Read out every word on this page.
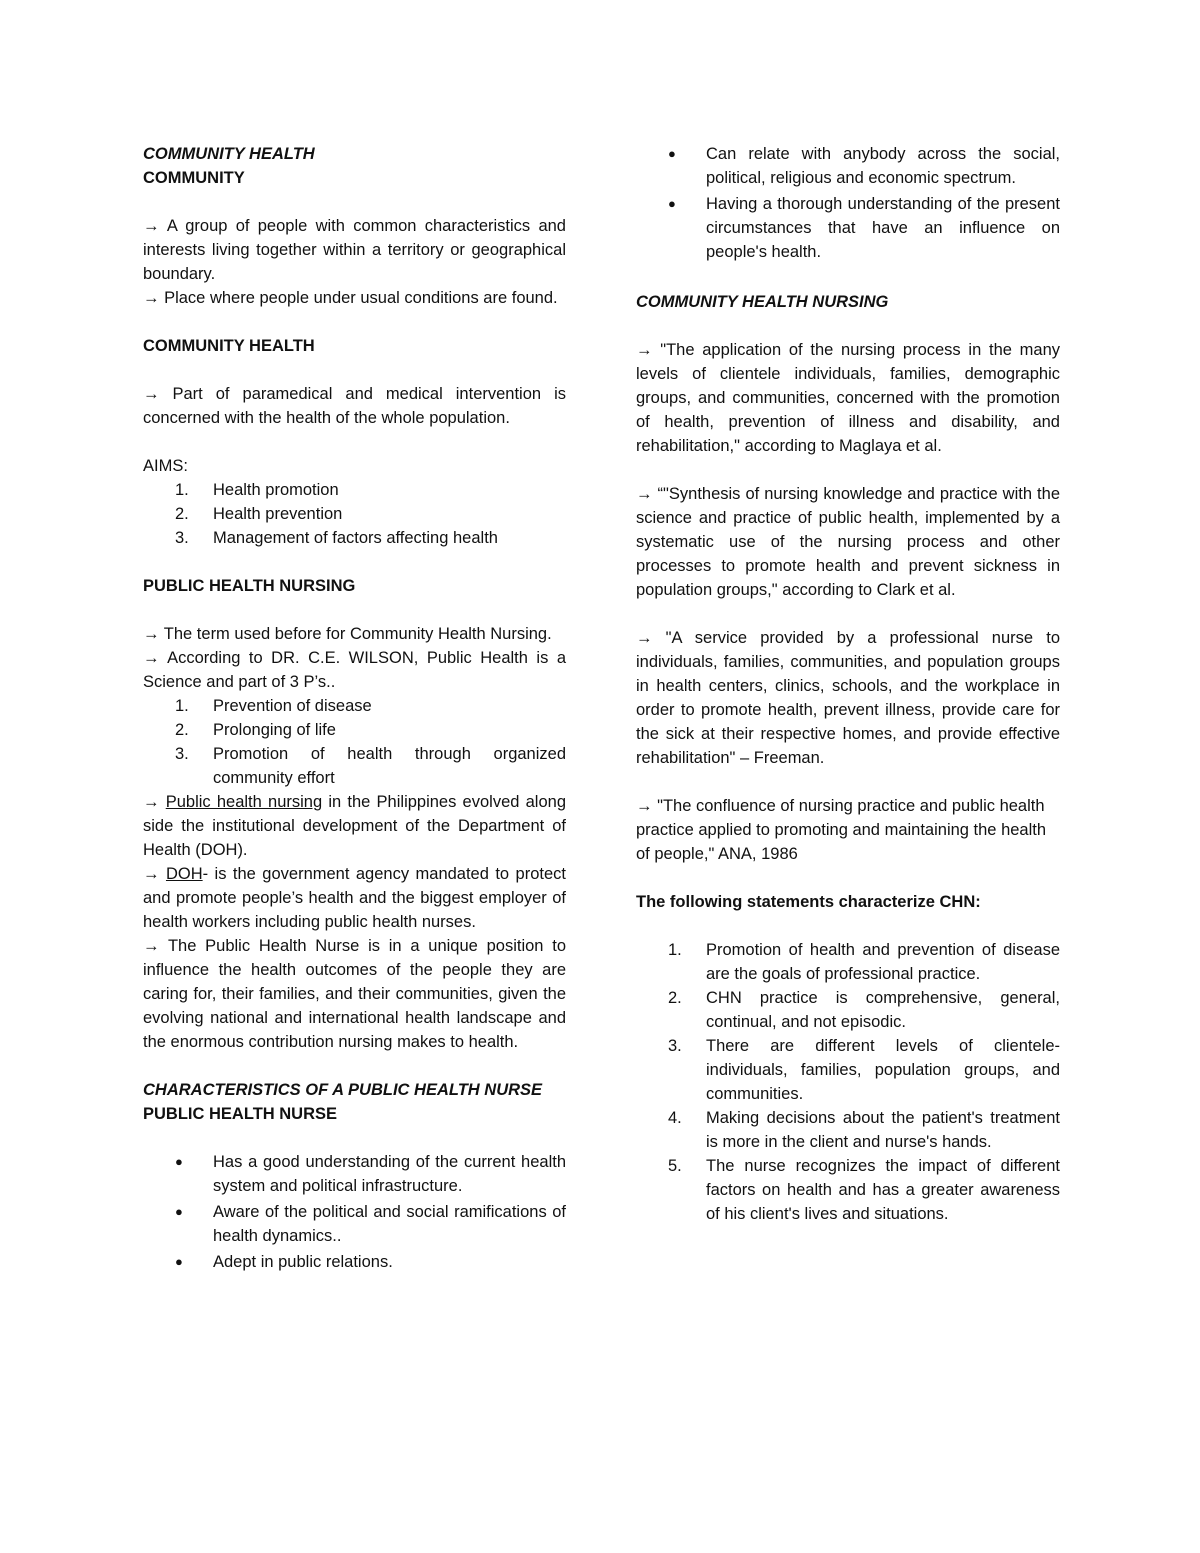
COMMUNITY HEALTH

COMMUNITY

→ A group of people with common characteristics and interests living together within a territory or geographical boundary.

→ Place where people under usual conditions are found.

COMMUNITY HEALTH

→ Part of paramedical and medical intervention is concerned with the health of the whole population.

AIMS:

1.	Health promotion
2.	Health prevention
3.	Management of factors affecting health

PUBLIC HEALTH NURSING

→ The term used before for Community Health Nursing.

→ According to DR. C.E. WILSON, Public Health is a Science and part of 3 P’s..

1.	Prevention of disease
2.	Prolonging of life
3.	Promotion of health through organized community effort

→ Public health nursing in the Philippines evolved along side the institutional development of the Department of Health (DOH).

→ DOH- is the government agency mandated to protect and promote people’s health and the biggest employer of health workers including public health nurses.

→ The Public Health Nurse is in a unique position to influence the health outcomes of the people they are caring for, their families, and their communities, given the evolving national and international health landscape and the enormous contribution nursing makes to health.

CHARACTERISTICS OF A PUBLIC HEALTH NURSE

PUBLIC HEALTH NURSE

●	Has a good understanding of the current health system and political infrastructure.
●	Aware of the political and social ramifications of health dynamics..
●	Adept in public relations.
●	Can relate with anybody across the social, political, religious and economic spectrum.
●	Having a thorough understanding of the present circumstances that have an influence on people's health.

COMMUNITY HEALTH NURSING

→ "The application of the nursing process in the many levels of clientele individuals, families, demographic groups, and communities, concerned with the promotion of health, prevention of illness and disability, and rehabilitation," according to Maglaya et al.

→ “"Synthesis of nursing knowledge and practice with the science and practice of public health, implemented by a systematic use of the nursing process and other processes to promote health and prevent sickness in population groups," according to Clark et al.

→ "A service provided by a professional nurse to individuals, families, communities, and population groups in health centers, clinics, schools, and the workplace in order to promote health, prevent illness, provide care for the sick at their respective homes, and provide effective rehabilitation" – Freeman.

→ "The confluence of nursing practice and public health practice applied to promoting and maintaining the health of people," ANA, 1986

The following statements characterize CHN:

1.	Promotion of health and prevention of disease are the goals of professional practice.
2.	CHN practice is comprehensive, general, continual, and not episodic.
3.	There are different levels of clientele- individuals, families, population groups, and communities.
4.	Making decisions about the patient's treatment is more in the client and nurse's hands.
5.	The nurse recognizes the impact of different factors on health and has a greater awareness of his client's lives and situations.
